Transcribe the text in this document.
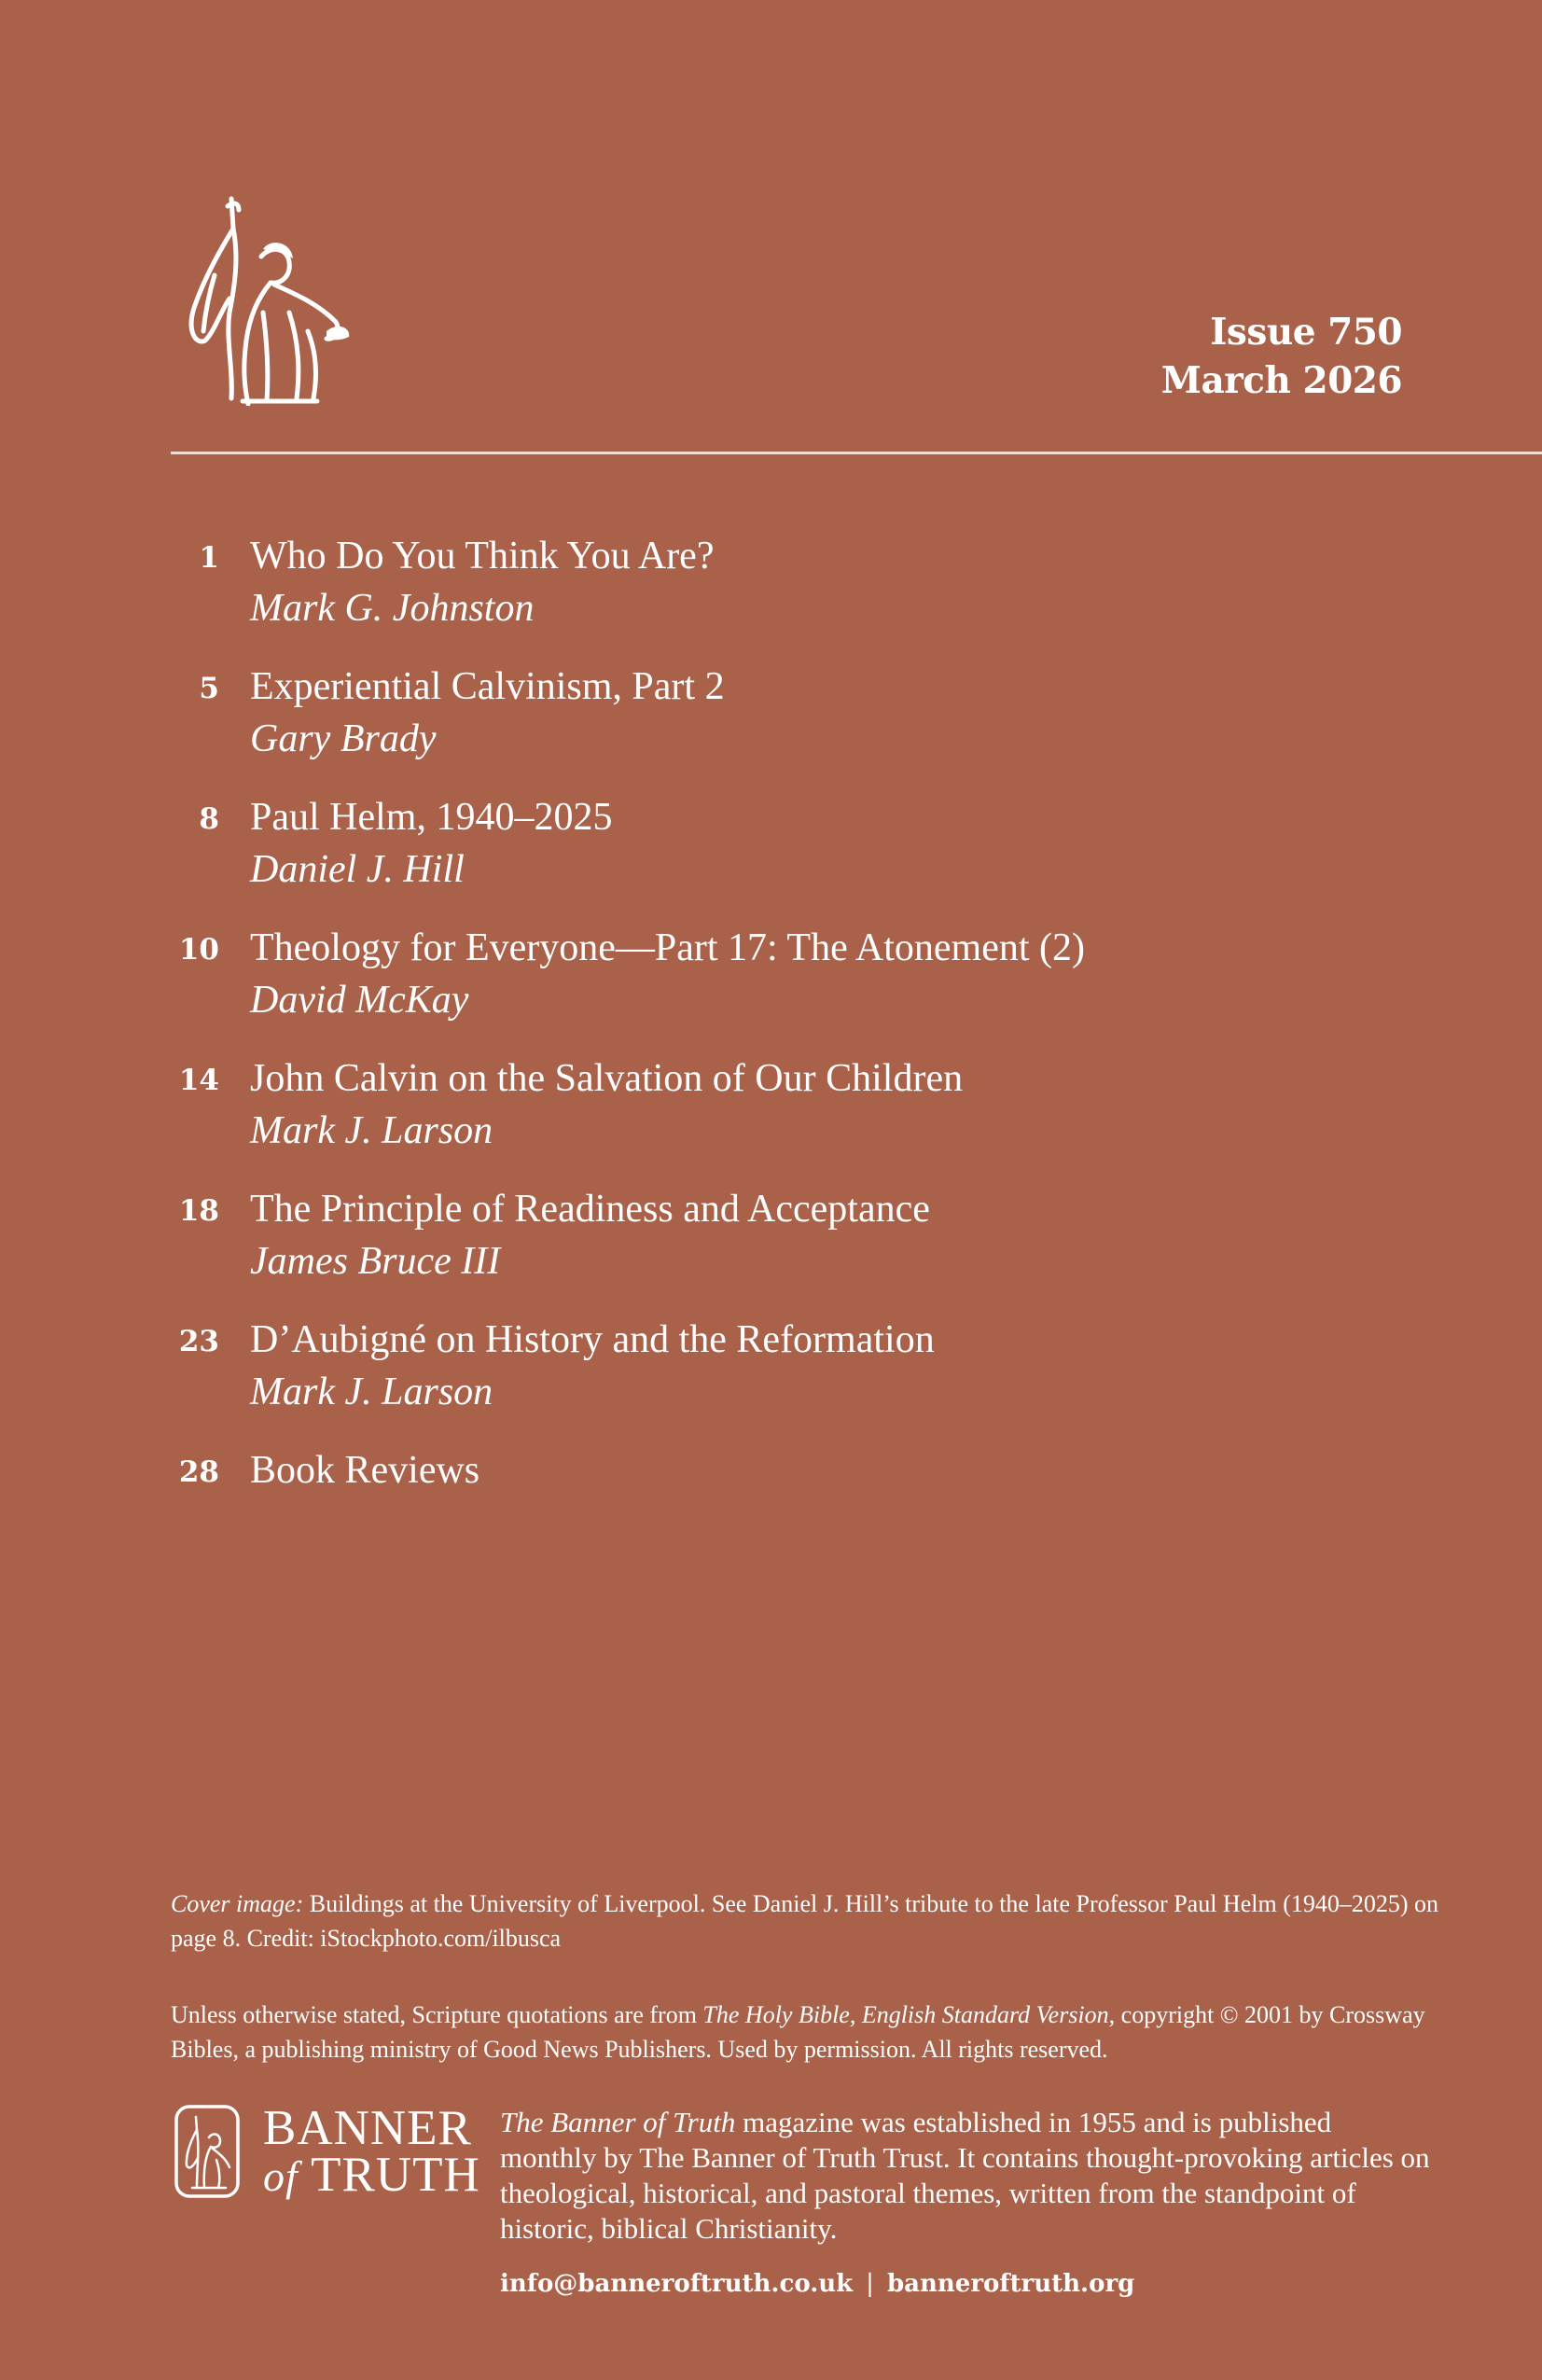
Issue 750
March 2026
1 Who Do You Think You Are?
Mark G. Johnston
5 Experiential Calvinism, Part 2
Gary Brady
8 Paul Helm, 1940–2025
Daniel J. Hill
10 Theology for Everyone—Part 17: The Atonement (2)
David McKay
14 John Calvin on the Salvation of Our Children
Mark J. Larson
18 The Principle of Readiness and Acceptance
James Bruce III
23 D’Aubigné on History and the Reformation
Mark J. Larson
28 Book Reviews
Cover image: Buildings at the University of Liverpool. See Daniel J. Hill’s tribute to the late Professor Paul Helm (1940–2025) on page 8. Credit: iStockphoto.com/ilbusca
Unless otherwise stated, Scripture quotations are from The Holy Bible, English Standard Version, copyright © 2001 by Crossway Bibles, a publishing ministry of Good News Publishers. Used by permission. All rights reserved.
BANNER
of TRUTH
The Banner of Truth magazine was established in 1955 and is published monthly by The Banner of Truth Trust. It contains thought-provoking articles on theological, historical, and pastoral themes, written from the standpoint of historic, biblical Christianity.
info@banneroftruth.co.uk | banneroftruth.org
